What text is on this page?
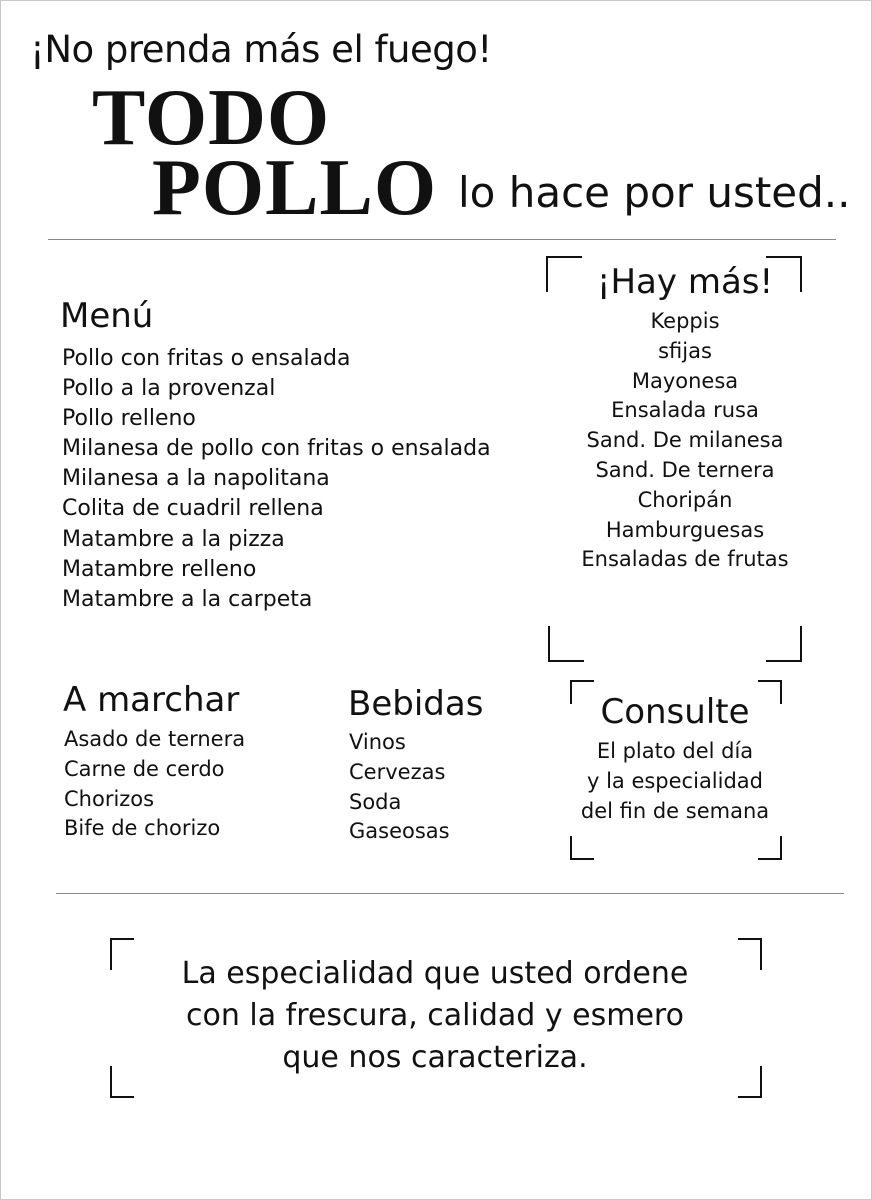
¡No prenda más el fuego!
TODO
POLLO lo hace por usted..
Menú
Pollo con fritas o ensalada
Pollo a la provenzal
Pollo relleno
Milanesa de pollo con fritas o ensalada
Milanesa a la napolitana
Colita de cuadril rellena
Matambre a la pizza
Matambre relleno
Matambre a la carpeta
¡Hay más!
Keppis
sfijas
Mayonesa
Ensalada rusa
Sand. De milanesa
Sand. De ternera
Choripán
Hamburguesas
Ensaladas de frutas
A marchar
Asado de ternera
Carne de cerdo
Chorizos
Bife de chorizo
Bebidas
Vinos
Cervezas
Soda
Gaseosas
Consulte
El plato del día
y la especialidad
del fin de semana
La especialidad que usted ordene
con la frescura, calidad y esmero
que nos caracteriza.
